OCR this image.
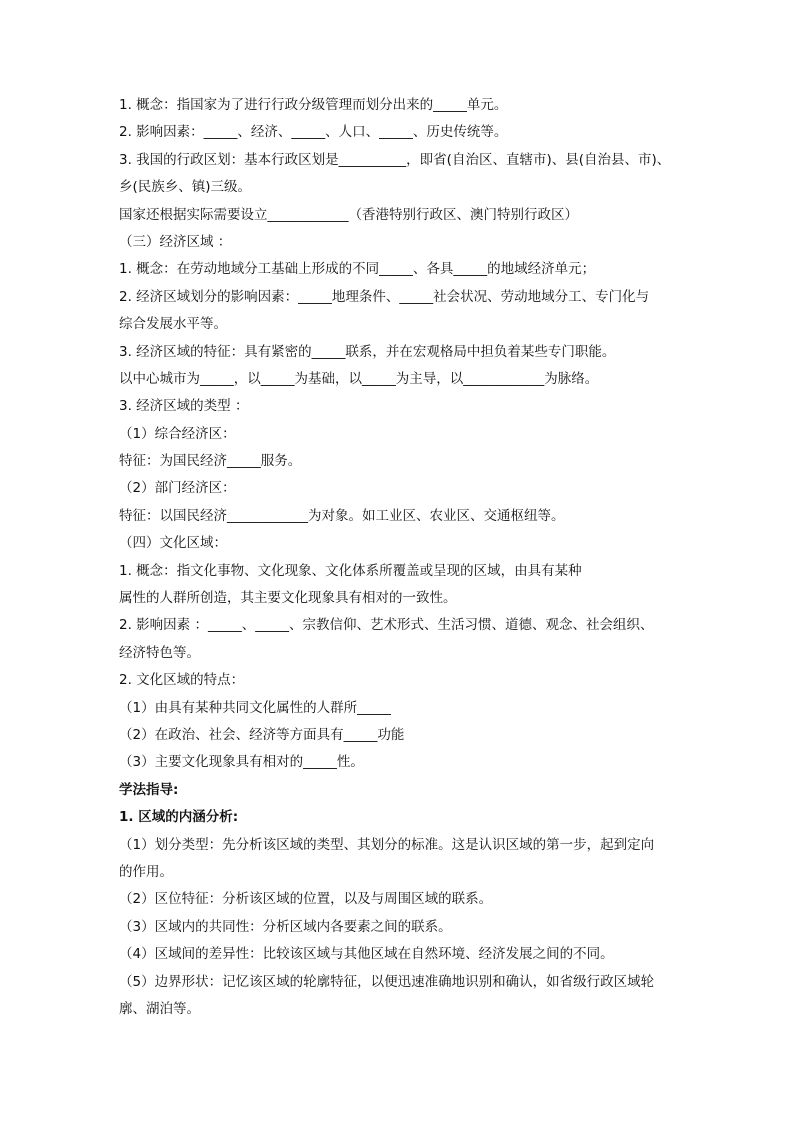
1. 概念：指国家为了进行行政分级管理而划分出来的_____单元。
2. 影响因素：_____、经济、_____、人口、_____、历史传统等。
3. 我国的行政区划：基本行政区划是__________，即省(自治区、直辖市)、县(自治县、市)、
乡(民族乡、镇)三级。
国家还根据实际需要设立____________（香港特别行政区、澳门特别行政区）
（三）经济区域 ：
1. 概念：在劳动地域分工基础上形成的不同_____、各具_____的地域经济单元；
2. 经济区域划分的影响因素：_____地理条件、_____社会状况、劳动地域分工、专门化与
综合发展水平等。
3. 经济区域的特征：具有紧密的_____联系，并在宏观格局中担负着某些专门职能。
以中心城市为_____，以_____为基础，以_____为主导，以____________为脉络。
3. 经济区域的类型 ：
（1）综合经济区：
特征：为国民经济_____服务。
（2）部门经济区：
特征：以国民经济____________为对象。如工业区、农业区、交通枢纽等。
（四）文化区域：
1. 概念：指文化事物、文化现象、文化体系所覆盖或呈现的区域，由具有某种
属性的人群所创造，其主要文化现象具有相对的一致性。
2. 影响因素 ：_____、_____、宗教信仰、艺术形式、生活习惯、道德、观念、社会组织、
经济特色等。
2. 文化区域的特点：
（1）由具有某种共同文化属性的人群所_____
（2）在政治、社会、经济等方面具有_____功能
（3）主要文化现象具有相对的_____性。
学法指导:
1. 区域的内涵分析:
（1）划分类型：先分析该区域的类型、其划分的标准。这是认识区域的第一步，起到定向
的作用。
（2）区位特征：分析该区域的位置，以及与周围区域的联系。
（3）区域内的共同性：分析区域内各要素之间的联系。
（4）区域间的差异性：比较该区域与其他区域在自然环境、经济发展之间的不同。
（5）边界形状：记忆该区域的轮廓特征，以便迅速准确地识别和确认，如省级行政区域轮
廓、湖泊等。
